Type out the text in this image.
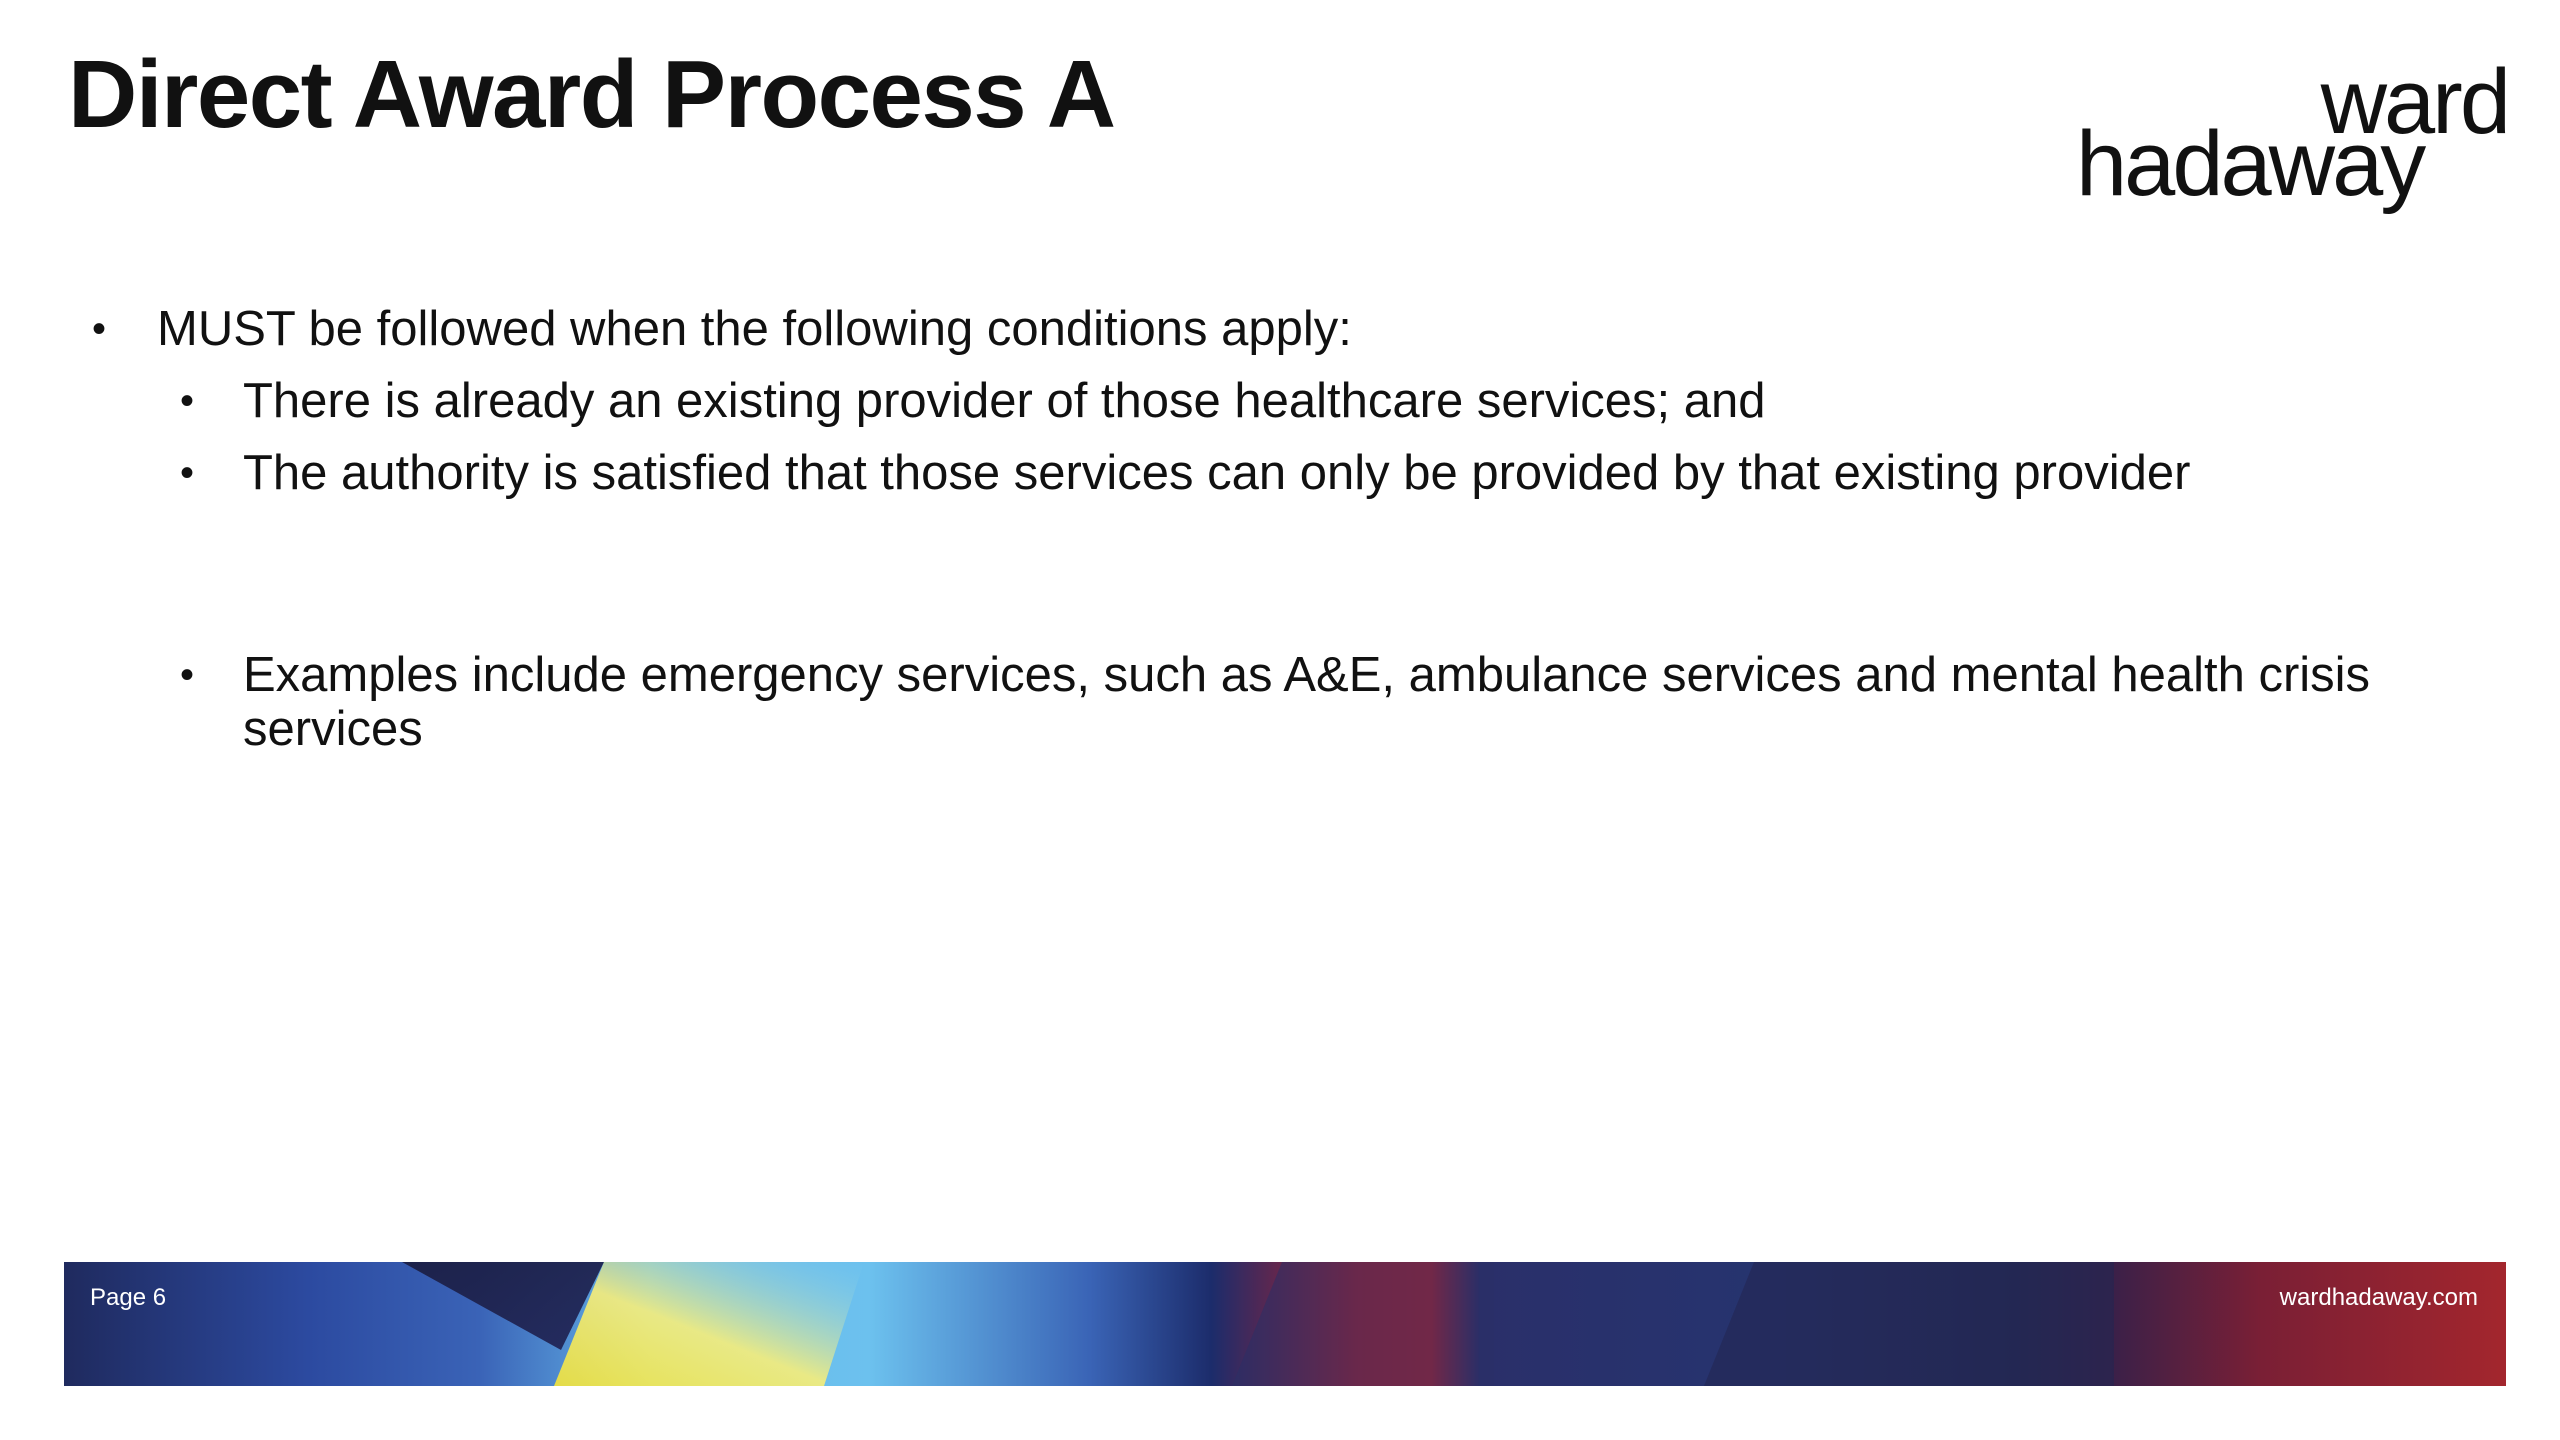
Direct Award Process A	ward
hadaway
• MUST be followed when the following conditions apply:
• There is already an existing provider of those healthcare services; and
• The authority is satisfied that those services can only be provided by that existing provider
• Examples include emergency services, such as A&E, ambulance services and mental health crisis services
Page 6	wardhadaway.com
